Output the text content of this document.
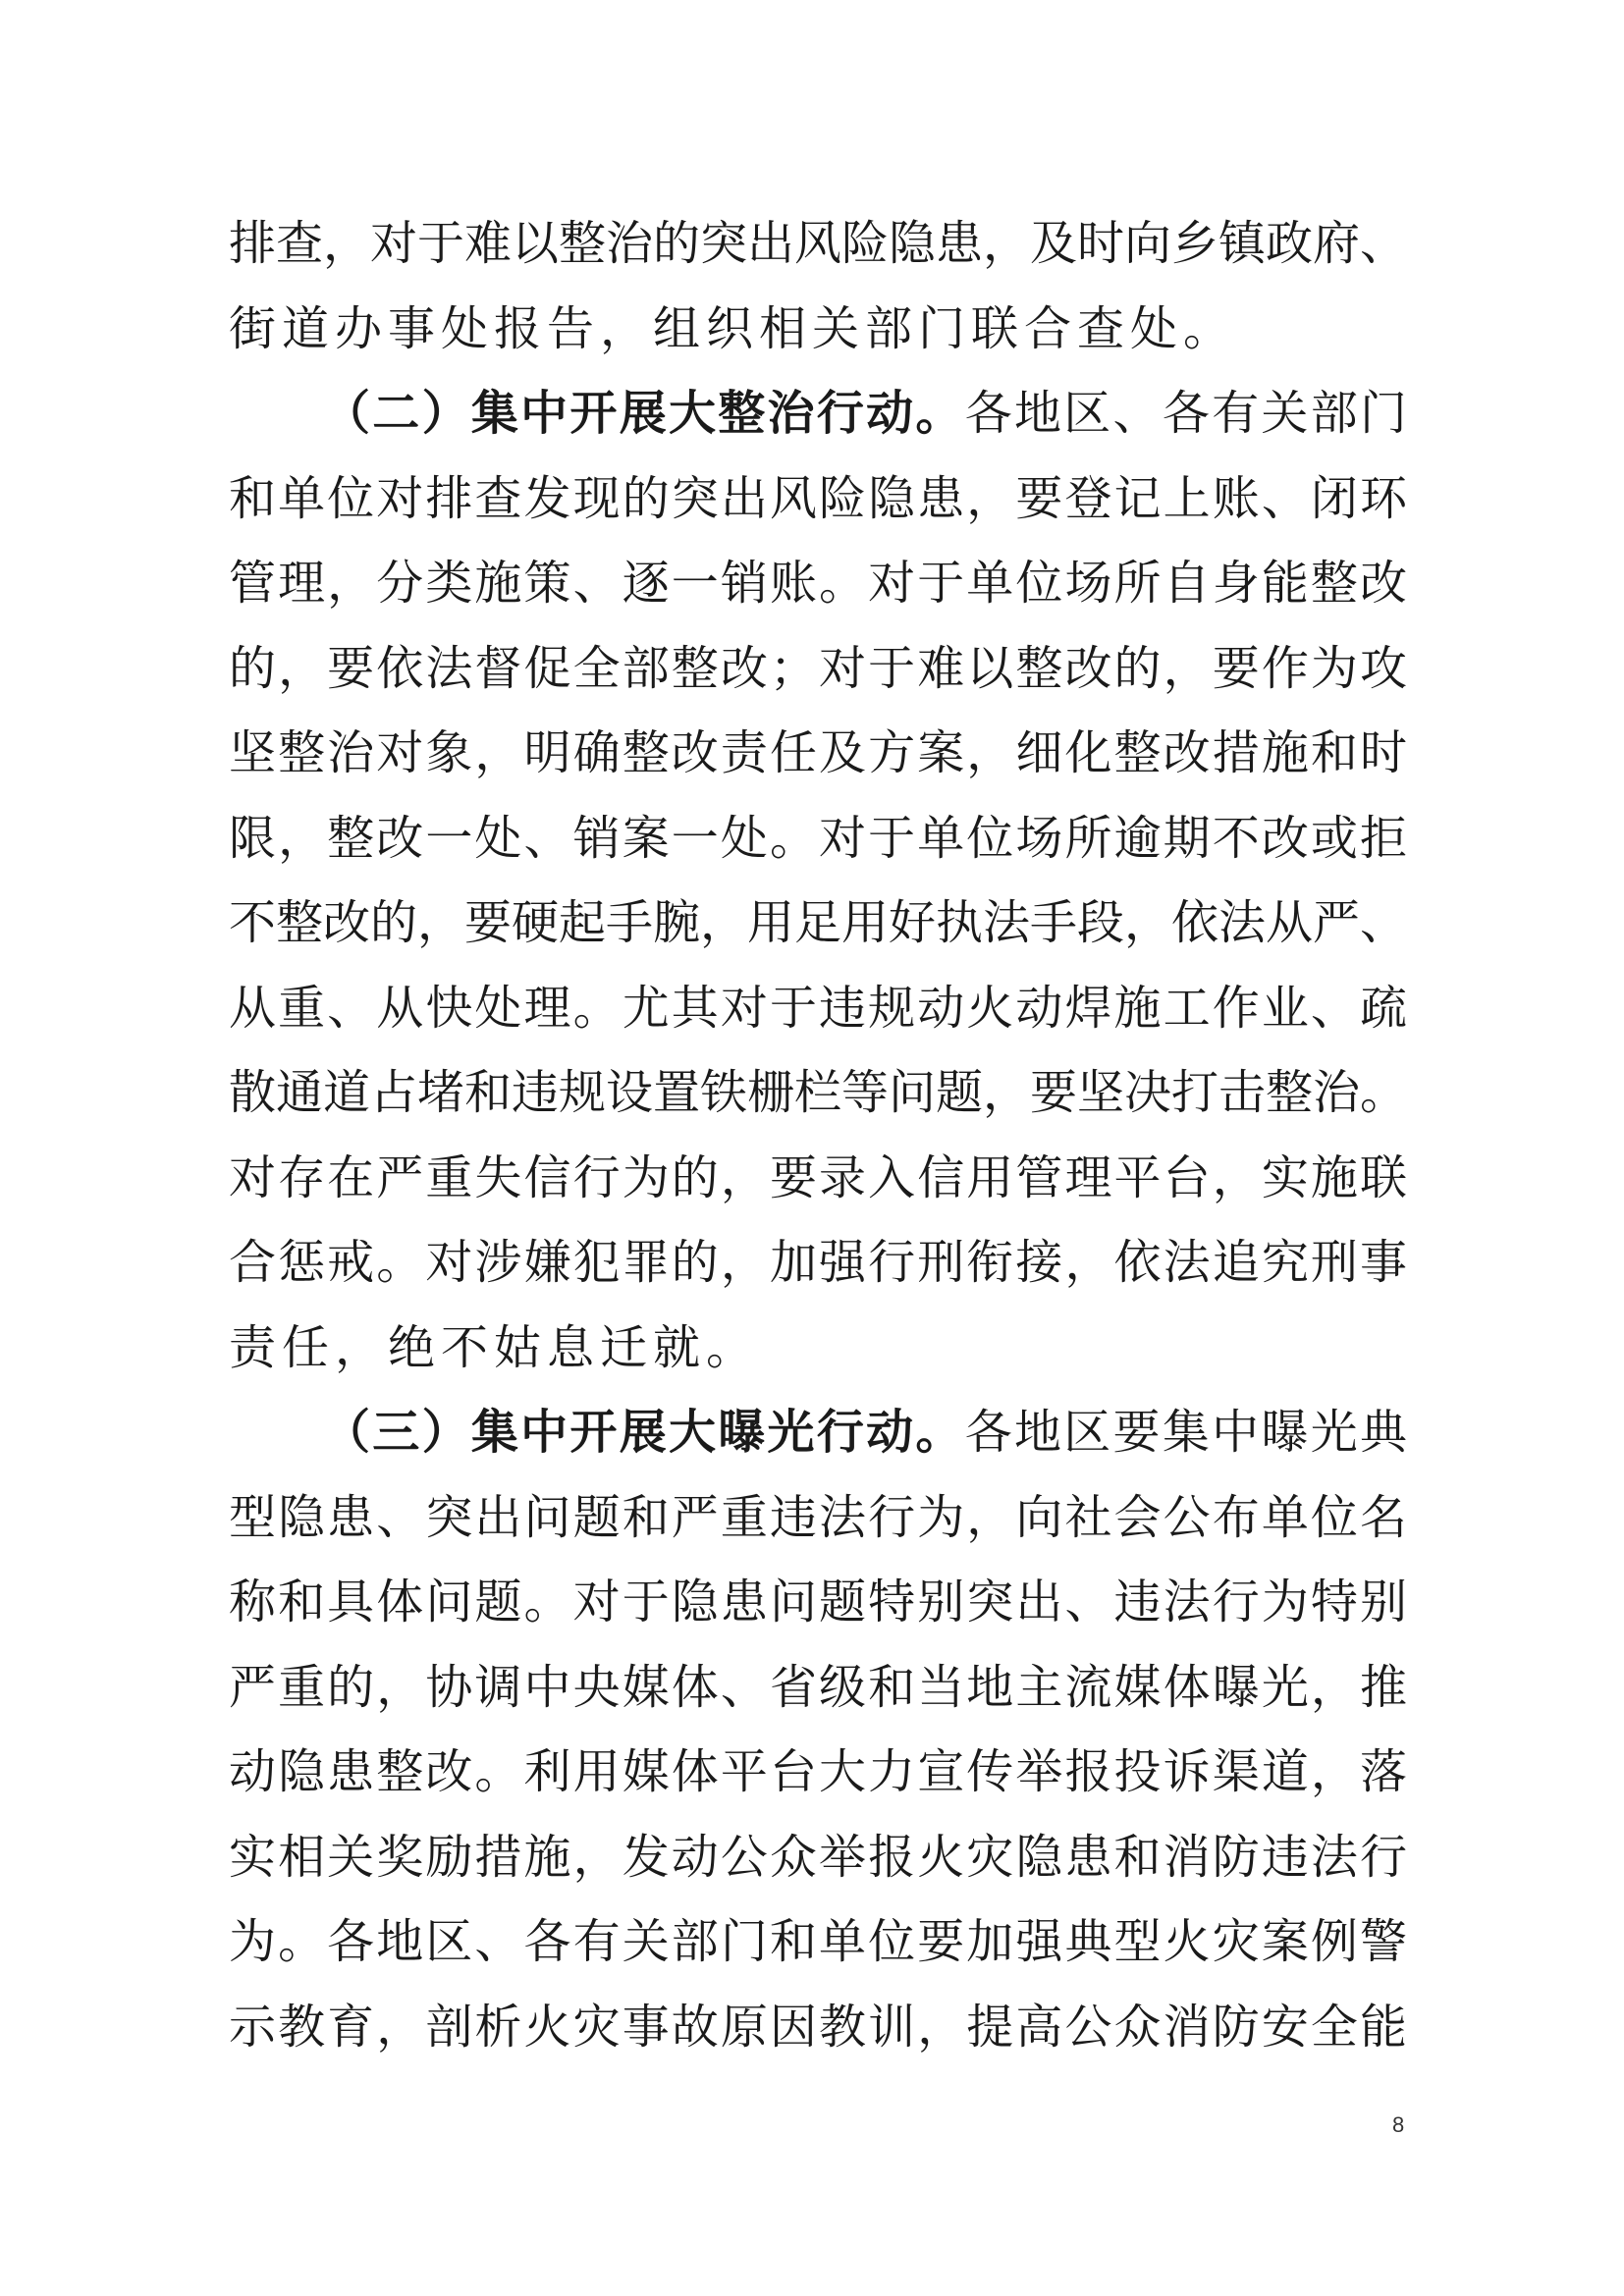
排查，对于难以整治的突出风险隐患，及时向乡镇政府、
街道办事处报告，组织相关部门联合查处。
（二）集中开展大整治行动。各地区、各有关部门
和单位对排查发现的突出风险隐患，要登记上账、闭环
管理，分类施策、逐一销账。对于单位场所自身能整改
的，要依法督促全部整改；对于难以整改的，要作为攻
坚整治对象，明确整改责任及方案，细化整改措施和时
限，整改一处、销案一处。对于单位场所逾期不改或拒
不整改的，要硬起手腕，用足用好执法手段，依法从严、
从重、从快处理。尤其对于违规动火动焊施工作业、疏
散通道占堵和违规设置铁栅栏等问题，要坚决打击整治。
对存在严重失信行为的，要录入信用管理平台，实施联
合惩戒。对涉嫌犯罪的，加强行刑衔接，依法追究刑事
责任，绝不姑息迁就。
（三）集中开展大曝光行动。各地区要集中曝光典
型隐患、突出问题和严重违法行为，向社会公布单位名
称和具体问题。对于隐患问题特别突出、违法行为特别
严重的，协调中央媒体、省级和当地主流媒体曝光，推
动隐患整改。利用媒体平台大力宣传举报投诉渠道，落
实相关奖励措施，发动公众举报火灾隐患和消防违法行
为。各地区、各有关部门和单位要加强典型火灾案例警
示教育，剖析火灾事故原因教训，提高公众消防安全能
8
